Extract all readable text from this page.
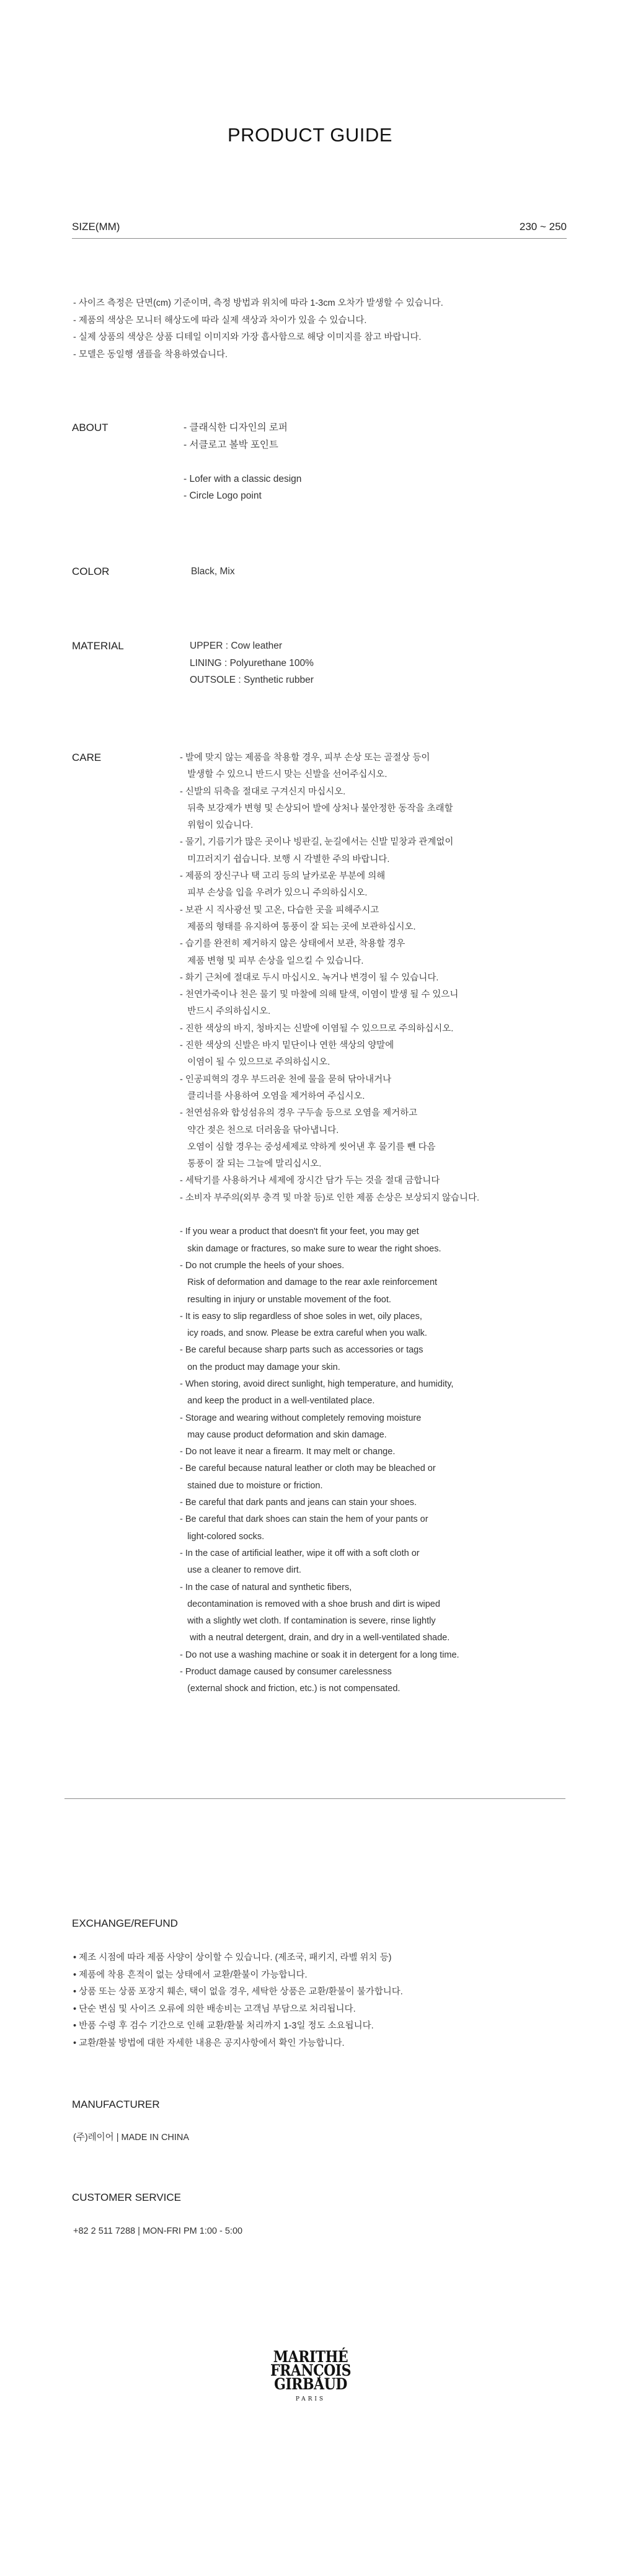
PRODUCT GUIDE
SIZE(MM)	230 ~ 250
- 사이즈 측정은 단면(cm) 기준이며, 측정 방법과 위치에 따라 1-3cm 오차가 발생할 수 있습니다.
- 제품의 색상은 모니터 해상도에 따라 실제 색상과 차이가 있을 수 있습니다.
- 실제 상품의 색상은 상품 디테일 이미지와 가장 흡사함으로 해당 이미지를 참고 바랍니다.
- 모델은 동일행 샘플을 착용하였습니다.
ABOUT	- 클래식한 디자인의 로퍼
- 서클로고 볼박 포인트
- Lofer with a classic design
- Circle Logo point
COLOR	Black, Mix
MATERIAL	UPPER : Cow leather
LINING : Polyurethane 100%
OUTSOLE : Synthetic rubber
CARE	- 발에 맞지 않는 제품을 착용할 경우, 피부 손상 또는 골절상 등이
발생할 수 있으니 반드시 맞는 신발을 선어주십시오.
- 신발의 뒤축을 절대로 구겨신지 마십시오.
뒤축 보강재가 변형 및 손상되어 발에 상처나 불안정한 동작을 초래할
위험이 있습니다.
- 물기, 기름기가 많은 곳이나 빙판길, 눈길에서는 신발 밑창과 관계없이
미끄러지기 쉽습니다. 보행 시 각별한 주의 바랍니다.
- 제품의 장신구나 택 고리 등의 날카로운 부분에 의해
피부 손상을 입을 우려가 있으니 주의하십시오.
- 보관 시 직사광선 및 고온, 다습한 곳을 피해주시고
제품의 형태를 유지하여 통풍이 잘 되는 곳에 보관하십시오.
- 습기를 완전히 제거하지 않은 상태에서 보관, 착용할 경우
제품 변형 및 피부 손상을 일으킬 수 있습니다.
- 화기 근처에 절대로 두시 마십시오. 녹거나 변경이 될 수 있습니다.
- 천연가죽이나 천은 물기 및 마찰에 의해 탈색, 이염이 발생 될 수 있으니
반드시 주의하십시오.
- 진한 색상의 바지, 청바지는 신발에 이염될 수 있으므로 주의하십시오.
- 진한 색상의 신발은 바지 밑단이나 연한 색상의 양말에
이염이 될 수 있으므로 주의하십시오.
- 인공피혁의 경우 부드러운 천에 물을 묻혀 닦아내거나
클리너를 사용하여 오염을 제거하여 주십시오.
- 천연섬유와 합성섬유의 경우 구두솔 등으로 오염을 제거하고
약간 젖은 천으로 더러움을 닦아냅니다.
오염이 심할 경우는 중성세제로 약하게 씻어낸 후 물기를 뺀 다음
통풍이 잘 되는 그늘에 말리십시오.
- 세탁기를 사용하거나 세제에 장시간 담가 두는 것을 절대 금합니다
- 소비자 부주의(외부 충격 및 마찰 등)로 인한 제품 손상은 보상되지 않습니다.
- If you wear a product that doesn't fit your feet, you may get
skin damage or fractures, so make sure to wear the right shoes.
- Do not crumple the heels of your shoes.
Risk of deformation and damage to the rear axle reinforcement
resulting in injury or unstable movement of the foot.
- It is easy to slip regardless of shoe soles in wet, oily places,
icy roads, and snow. Please be extra careful when you walk.
- Be careful because sharp parts such as accessories or tags
on the product may damage your skin.
- When storing, avoid direct sunlight, high temperature, and humidity,
and keep the product in a well-ventilated place.
- Storage and wearing without completely removing moisture
may cause product deformation and skin damage.
- Do not leave it near a firearm. It may melt or change.
- Be careful because natural leather or cloth may be bleached or
stained due to moisture or friction.
- Be careful that dark pants and jeans can stain your shoes.
- Be careful that dark shoes can stain the hem of your pants or
light-colored socks.
- In the case of artificial leather, wipe it off with a soft cloth or
use a cleaner to remove dirt.
- In the case of natural and synthetic fibers,
decontamination is removed with a shoe brush and dirt is wiped
with a slightly wet cloth. If contamination is severe, rinse lightly
with a neutral detergent, drain, and dry in a well-ventilated shade.
- Do not use a washing machine or soak it in detergent for a long time.
- Product damage caused by consumer carelessness
(external shock and friction, etc.) is not compensated.
EXCHANGE/REFUND
• 제조 시점에 따라 제품 사양이 상이할 수 있습니다. (제조국, 패키지, 라벨 위치 등)
• 제품에 착용 흔적이 없는 상태에서 교환/환불이 가능합니다.
• 상품 또는 상품 포장지 훼손, 택이 없을 경우, 세탁한 상품은 교환/환불이 불가합니다.
• 단순 변심 및 사이즈 오류에 의한 배송비는 고객님 부담으로 처리됩니다.
• 반품 수령 후 검수 기간으로 인해 교환/환불 처리까지 1-3일 정도 소요됩니다.
• 교환/환불 방법에 대한 자세한 내용은 공지사항에서 확인 가능합니다.
MANUFACTURER
(주)레이어 | MADE IN CHINA
CUSTOMER SERVICE
+82 2 511 7288 | MON-FRI PM 1:00 - 5:00
MARITHÉ
FRANÇOIS
GIRBAUD
PARIS
